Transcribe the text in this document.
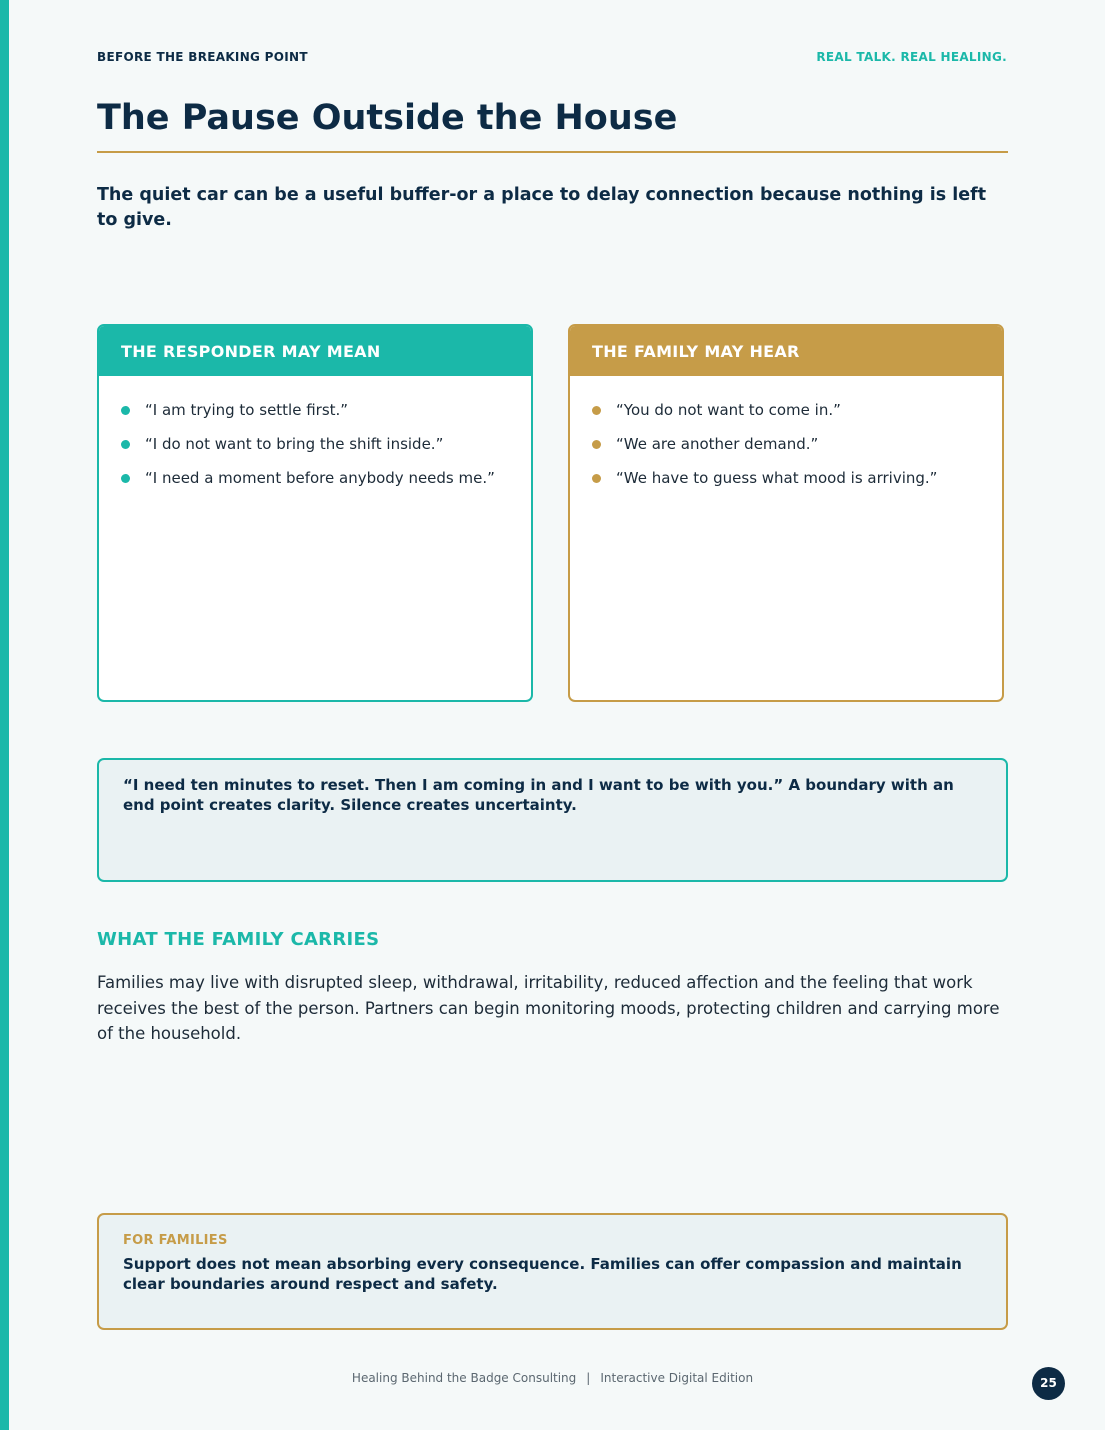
BEFORE THE BREAKING POINT	REAL TALK. REAL HEALING.
The Pause Outside the House

The quiet car can be a useful buffer-or a place to delay connection because nothing is left to give.

THE RESPONDER MAY MEAN
“I am trying to settle first.”
“I do not want to bring the shift inside.”
“I need a moment before anybody needs me.”
THE FAMILY MAY HEAR
“You do not want to come in.”
“We are another demand.”
“We have to guess what mood is arriving.”

“I need ten minutes to reset. Then I am coming in and I want to be with you.” A boundary with an end point creates clarity. Silence creates uncertainty.

WHAT THE FAMILY CARRIES

Families may live with disrupted sleep, withdrawal, irritability, reduced affection and the feeling that work receives the best of the person. Partners can begin monitoring moods, protecting children and carrying more of the household.

FOR FAMILIES

Support does not mean absorbing every consequence. Families can offer compassion and maintain clear boundaries around respect and safety.

Healing Behind the Badge Consulting | Interactive Digital Edition	25
